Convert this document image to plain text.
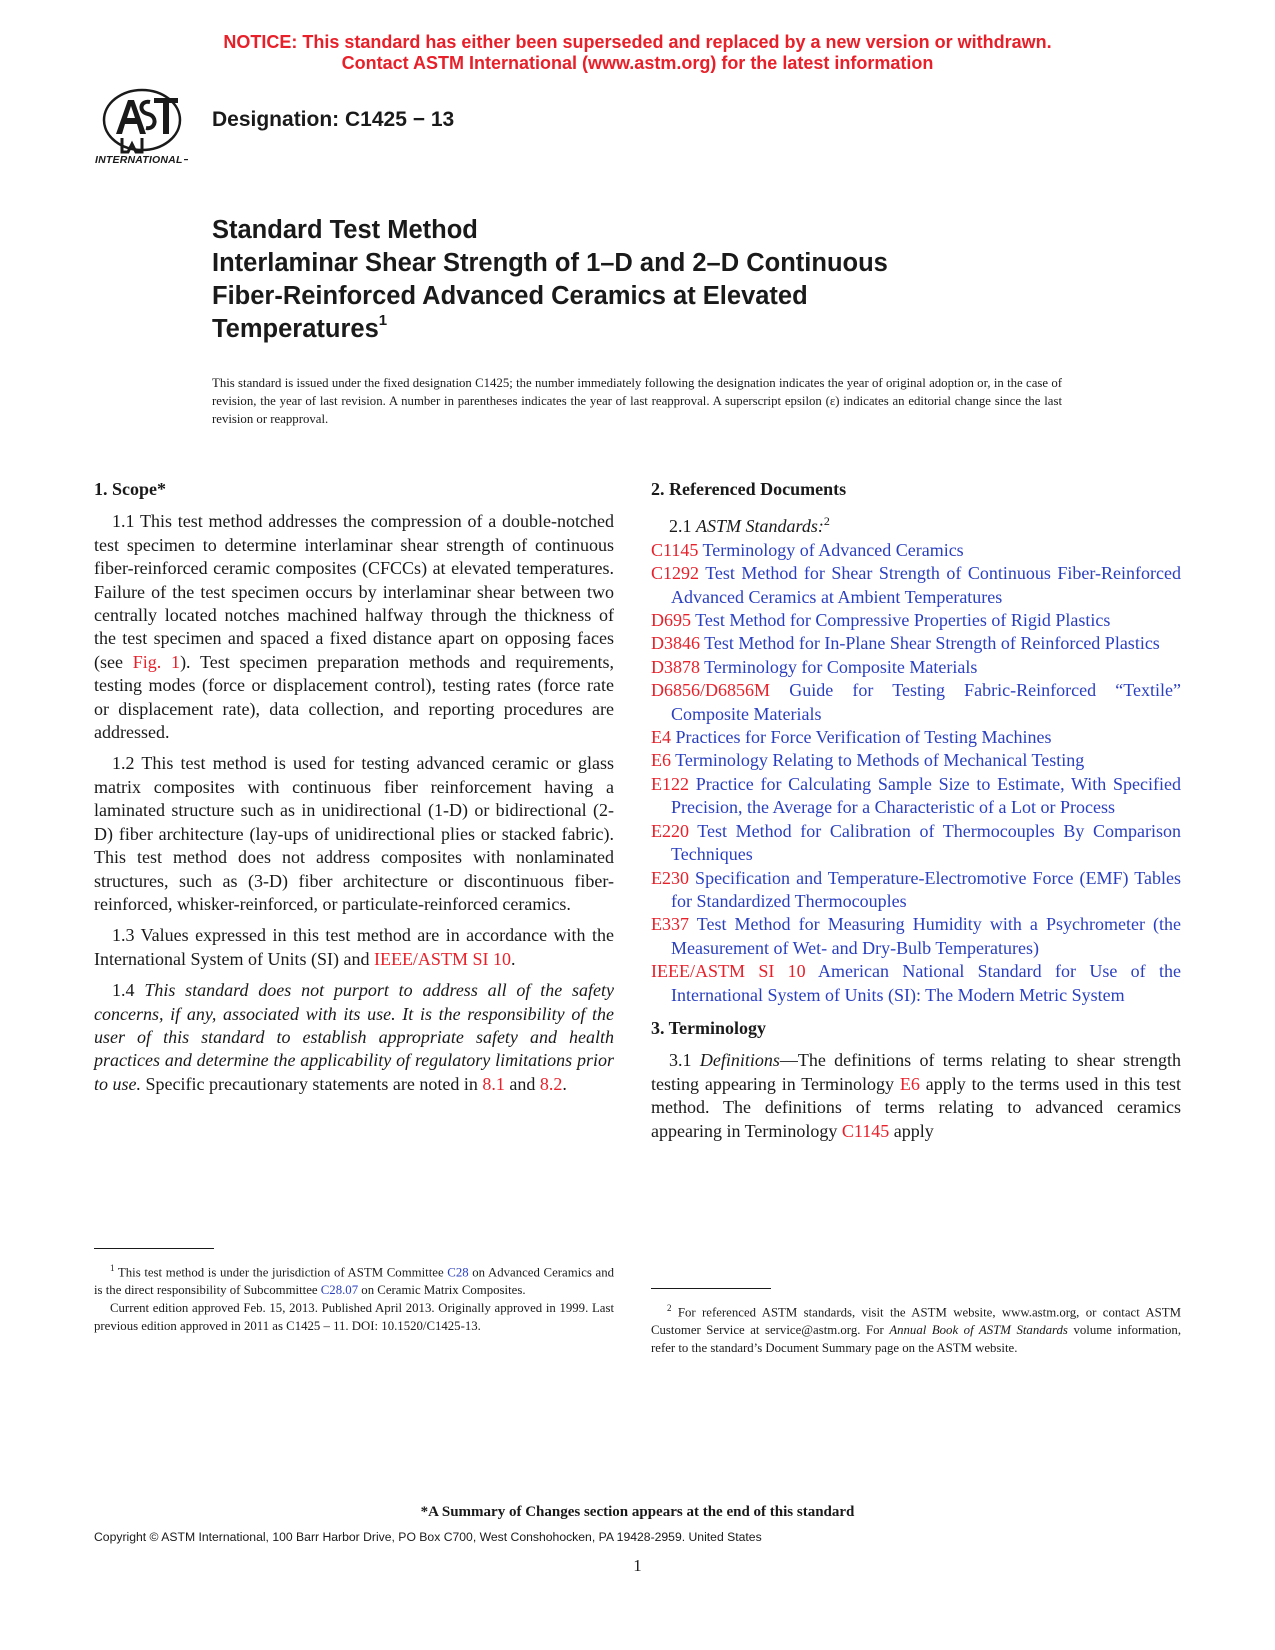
NOTICE: This standard has either been superseded and replaced by a new version or withdrawn.
Contact ASTM International (www.astm.org) for the latest information
INTERNATIONAL
Designation: C1425 − 13
Standard Test Method
Interlaminar Shear Strength of 1–D and 2–D Continuous
Fiber-Reinforced Advanced Ceramics at Elevated
Temperatures$^1$
This standard is issued under the fixed designation C1425; the number immediately following the designation indicates the year of original adoption or, in the case of revision, the year of last revision. A number in parentheses indicates the year of last reapproval. A superscript epsilon (ε) indicates an editorial change since the last revision or reapproval.
1. Scope*

1.1 This test method addresses the compression of a double-notched test specimen to determine interlaminar shear strength of continuous fiber-reinforced ceramic composites (CFCCs) at elevated temperatures. Failure of the test specimen occurs by interlaminar shear between two centrally located notches machined halfway through the thickness of the test specimen and spaced a fixed distance apart on opposing faces (see Fig. 1). Test specimen preparation methods and requirements, testing modes (force or displacement control), testing rates (force rate or displacement rate), data collection, and reporting procedures are addressed.

1.2 This test method is used for testing advanced ceramic or glass matrix composites with continuous fiber reinforcement having a laminated structure such as in unidirectional (1-D) or bidirectional (2-D) fiber architecture (lay-ups of unidirectional plies or stacked fabric). This test method does not address composites with nonlaminated structures, such as (3-D) fiber architecture or discontinuous fiber-reinforced, whisker-reinforced, or particulate-reinforced ceramics.

1.3 Values expressed in this test method are in accordance with the International System of Units (SI) and IEEE/ASTM SI 10.

1.4 This standard does not purport to address all of the safety concerns, if any, associated with its use. It is the responsibility of the user of this standard to establish appropriate safety and health practices and determine the applicability of regulatory limitations prior to use. Specific precautionary statements are noted in 8.1 and 8.2.

$^1$ This test method is under the jurisdiction of ASTM Committee C28 on Advanced Ceramics and is the direct responsibility of Subcommittee C28.07 on Ceramic Matrix Composites.

Current edition approved Feb. 15, 2013. Published April 2013. Originally approved in 1999. Last previous edition approved in 2011 as C1425 – 11. DOI: 10.1520/C1425-13.

2. Referenced Documents

2.1 ASTM Standards:$^2$

C1145 Terminology of Advanced Ceramics

C1292 Test Method for Shear Strength of Continuous Fiber-Reinforced Advanced Ceramics at Ambient Temperatures

D695 Test Method for Compressive Properties of Rigid Plastics

D3846 Test Method for In-Plane Shear Strength of Reinforced Plastics

D3878 Terminology for Composite Materials

D6856/D6856M Guide for Testing Fabric-Reinforced “Textile” Composite Materials

E4 Practices for Force Verification of Testing Machines

E6 Terminology Relating to Methods of Mechanical Testing

E122 Practice for Calculating Sample Size to Estimate, With Specified Precision, the Average for a Characteristic of a Lot or Process

E220 Test Method for Calibration of Thermocouples By Comparison Techniques

E230 Specification and Temperature-Electromotive Force (EMF) Tables for Standardized Thermocouples

E337 Test Method for Measuring Humidity with a Psychrometer (the Measurement of Wet- and Dry-Bulb Temperatures)

IEEE/ASTM SI 10 American National Standard for Use of the International System of Units (SI): The Modern Metric System

3. Terminology

3.1 Definitions—The definitions of terms relating to shear strength testing appearing in Terminology E6 apply to the terms used in this test method. The definitions of terms relating to advanced ceramics appearing in Terminology C1145 apply

$^2$ For referenced ASTM standards, visit the ASTM website, www.astm.org, or contact ASTM Customer Service at service@astm.org. For Annual Book of ASTM Standards volume information, refer to the standard’s Document Summary page on the ASTM website.

*A Summary of Changes section appears at the end of this standard
Copyright © ASTM International, 100 Barr Harbor Drive, PO Box C700, West Conshohocken, PA 19428-2959. United States
1
